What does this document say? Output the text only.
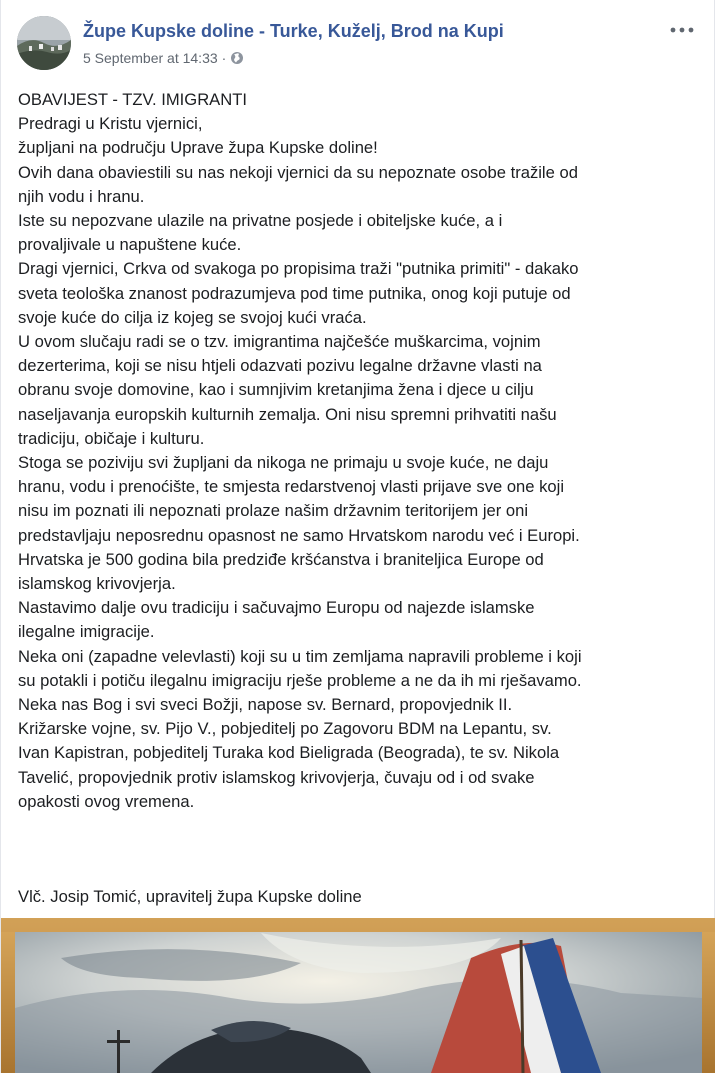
Župe Kupske doline - Turke, Kuželj, Brod na Kupi
5 September at 14:33 ·

OBAVIJEST - TZV. IMIGRANTI

Predragi u Kristu vjernici,

župljani na području Uprave župa Kupske doline!

Ovih dana obaviestili su nas nekoji vjernici da su nepoznate osobe tražile od

njih vodu i hranu.

Iste su nepozvane ulazile na privatne posjede i obiteljske kuće, a i

provaljivale u napuštene kuće.

Dragi vjernici, Crkva od svakoga po propisima traži "putnika primiti" - dakako

sveta teološka znanost podrazumjeva pod time putnika, onog koji putuje od

svoje kuće do cilja iz kojeg se svojoj kući vraća.

U ovom slučaju radi se o tzv. imigrantima najčešće muškarcima, vojnim

dezerterima, koji se nisu htjeli odazvati pozivu legalne državne vlasti na

obranu svoje domovine, kao i sumnjivim kretanjima žena i djece u cilju

naseljavanja europskih kulturnih zemalja. Oni nisu spremni prihvatiti našu

tradiciju, običaje i kulturu.

Stoga se poziviju svi župljani da nikoga ne primaju u svoje kuće, ne daju

hranu, vodu i prenoćište, te smjesta redarstvenoj vlasti prijave sve one koji

nisu im poznati ili nepoznati prolaze našim državnim teritorijem jer oni

predstavljaju neposrednu opasnost ne samo Hrvatskom narodu već i Europi.

Hrvatska je 500 godina bila predziđe kršćanstva i braniteljica Europe od

islamskog krivovjerja.

Nastavimo dalje ovu tradiciju i sačuvajmo Europu od najezde islamske

ilegalne imigracije.

Neka oni (zapadne velevlasti) koji su u tim zemljama napravili probleme i koji

su potakli i potiču ilegalnu imigraciju rješe probleme a ne da ih mi rješavamo.

Neka nas Bog i svi sveci Božji, napose sv. Bernard, propovjednik II.

Križarske vojne, sv. Pijo V., pobjeditelj po Zagovoru BDM na Lepantu, sv.

Ivan Kapistran, pobjeditelj Turaka kod Bieligrada (Beograda), te sv. Nikola

Tavelić, propovjednik protiv islamskog krivovjerja, čuvaju od i od svake

opakosti ovog vremena.

Vlč. Josip Tomić, upravitelj župa Kupske doline
